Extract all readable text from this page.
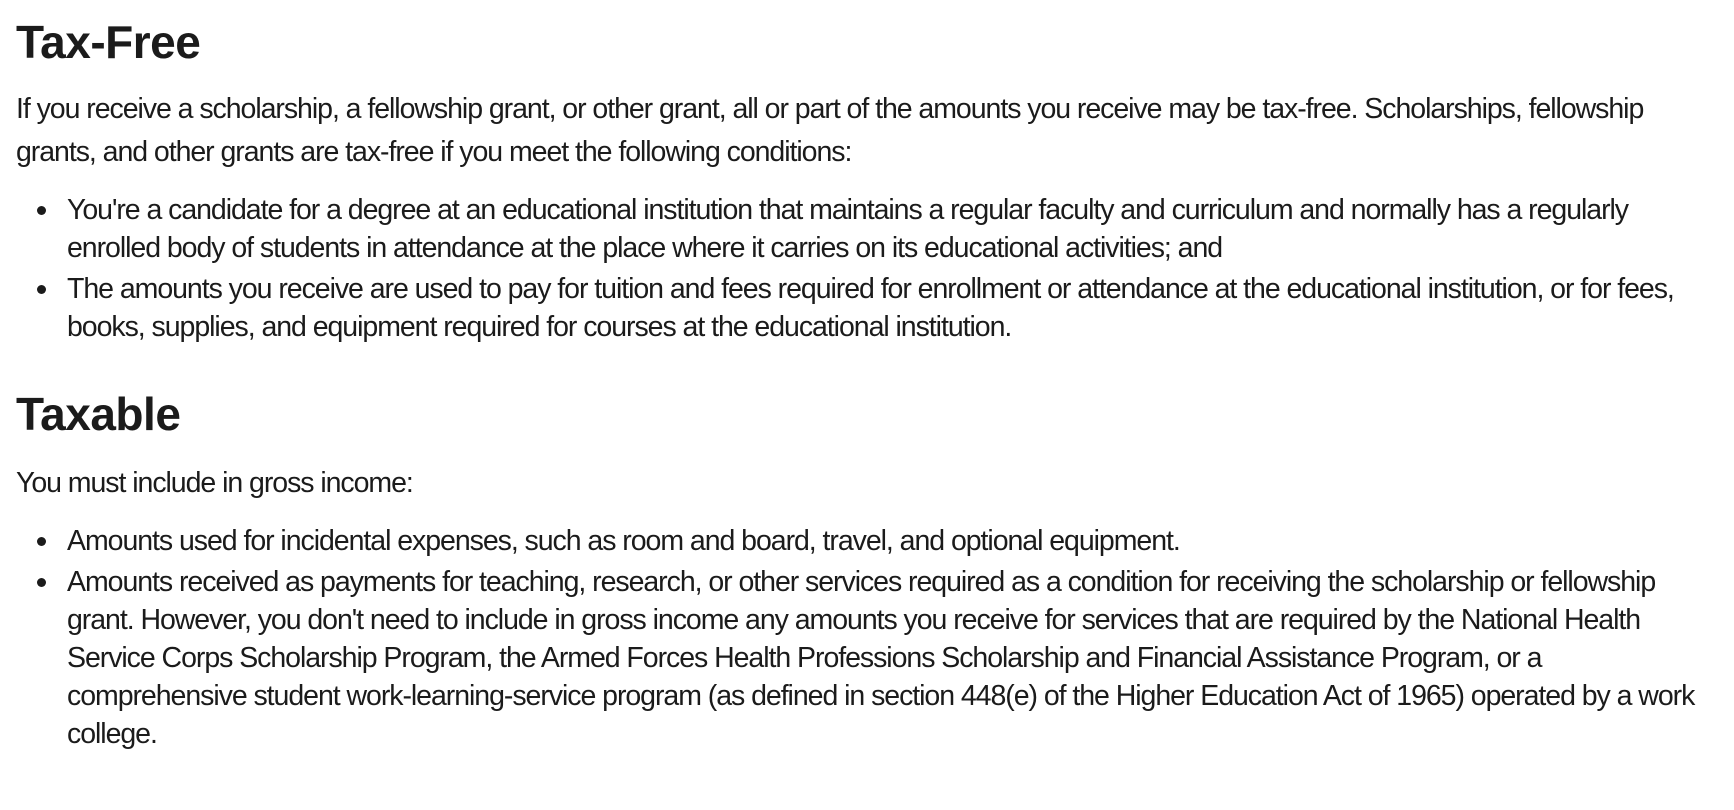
Tax-Free

If you receive a scholarship, a fellowship grant, or other grant, all or part of the amounts you receive may be tax-free. Scholarships, fellowship grants, and other grants are tax-free if you meet the following conditions:

You're a candidate for a degree at an educational institution that maintains a regular faculty and curriculum and normally has a regularly enrolled body of students in attendance at the place where it carries on its educational activities; and
The amounts you receive are used to pay for tuition and fees required for enrollment or attendance at the educational institution, or for fees, books, supplies, and equipment required for courses at the educational institution.
Taxable

You must include in gross income:

Amounts used for incidental expenses, such as room and board, travel, and optional equipment.
Amounts received as payments for teaching, research, or other services required as a condition for receiving the scholarship or fellowship grant. However, you don't need to include in gross income any amounts you receive for services that are required by the National Health Service Corps Scholarship Program, the Armed Forces Health Professions Scholarship and Financial Assistance Program, or a comprehensive student work-learning-service program (as defined in section 448(e) of the Higher Education Act of 1965) operated by a work college.
